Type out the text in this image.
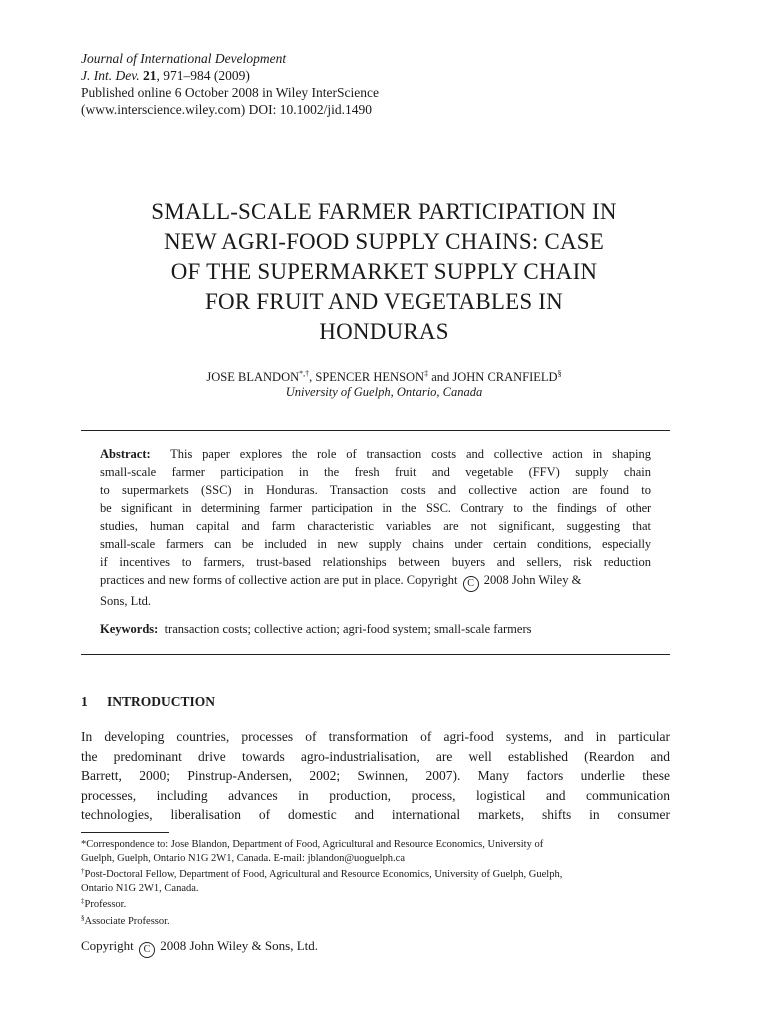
Journal of International Development
J. Int. Dev. 21, 971–984 (2009)
Published online 6 October 2008 in Wiley InterScience
(www.interscience.wiley.com) DOI: 10.1002/jid.1490
SMALL-SCALE FARMER PARTICIPATION IN
NEW AGRI-FOOD SUPPLY CHAINS: CASE
OF THE SUPERMARKET SUPPLY CHAIN
FOR FRUIT AND VEGETABLES IN
HONDURAS
JOSE BLANDON*,†, SPENCER HENSON‡ and JOHN CRANFIELD§
University of Guelph, Ontario, Canada
Abstract: This paper explores the role of transaction costs and collective action in shaping
small-scale farmer participation in the fresh fruit and vegetable (FFV) supply chain
to supermarkets (SSC) in Honduras. Transaction costs and collective action are found to
be significant in determining farmer participation in the SSC. Contrary to the findings of other
studies, human capital and farm characteristic variables are not significant, suggesting that
small-scale farmers can be included in new supply chains under certain conditions, especially
if incentives to farmers, trust-based relationships between buyers and sellers, risk reduction
practices and new forms of collective action are put in place. Copyright C 2008 John Wiley &
Sons, Ltd.
Keywords: transaction costs; collective action; agri-food system; small-scale farmers
1 INTRODUCTION
In developing countries, processes of transformation of agri-food systems, and in particular
the predominant drive towards agro-industrialisation, are well established (Reardon and
Barrett, 2000; Pinstrup-Andersen, 2002; Swinnen, 2007). Many factors underlie these
processes, including advances in production, process, logistical and communication
technologies, liberalisation of domestic and international markets, shifts in consumer
*Correspondence to: Jose Blandon, Department of Food, Agricultural and Resource Economics, University of
Guelph, Guelph, Ontario N1G 2W1, Canada. E-mail: jblandon@uoguelph.ca
†Post-Doctoral Fellow, Department of Food, Agricultural and Resource Economics, University of Guelph, Guelph,
Ontario N1G 2W1, Canada.
‡Professor.
§Associate Professor.
Copyright C 2008 John Wiley & Sons, Ltd.
